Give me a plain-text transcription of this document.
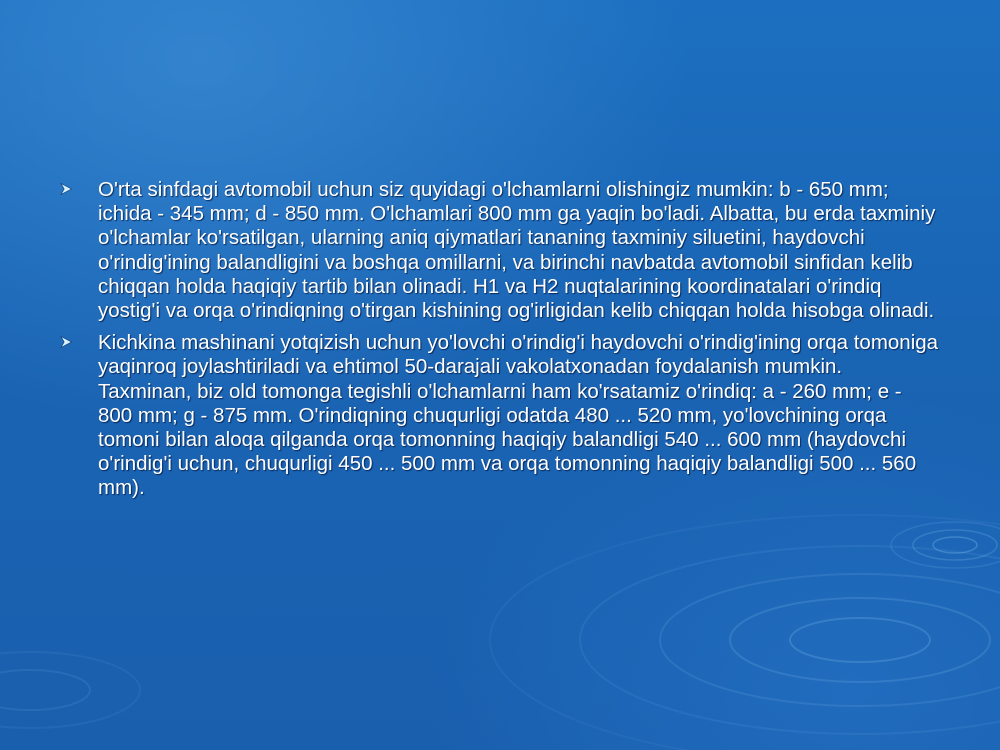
O'rta sinfdagi avtomobil uchun siz quyidagi o'lchamlarni olishingiz mumkin: b - 650 mm; ichida - 345 mm; d - 850 mm. O'lchamlari 800 mm ga yaqin bo'ladi. Albatta, bu erda taxminiy o'lchamlar ko'rsatilgan, ularning aniq qiymatlari tananing taxminiy siluetini, haydovchi o'rindig'ining balandligini va boshqa omillarni, va birinchi navbatda avtomobil sinfidan kelib chiqqan holda haqiqiy tartib bilan olinadi. H1 va H2 nuqtalarining koordinatalari o'rindiq yostig'i va orqa o'rindiqning o'tirgan kishining og'irligidan kelib chiqqan holda hisobga olinadi.
Kichkina mashinani yotqizish uchun yo'lovchi o'rindig'i haydovchi o'rindig'ining orqa tomoniga yaqinroq joylashtiriladi va ehtimol 50-darajali vakolatxonadan foydalanish mumkin. Taxminan, biz old tomonga tegishli o'lchamlarni ham ko'rsatamiz o'rindiq: a - 260 mm; e - 800 mm; g - 875 mm. O'rindiqning chuqurligi odatda 480 ... 520 mm, yo'lovchining orqa tomoni bilan aloqa qilganda orqa tomonning haqiqiy balandligi 540 ... 600 mm (haydovchi o'rindig'i uchun, chuqurligi 450 ... 500 mm va orqa tomonning haqiqiy balandligi 500 ... 560 mm).
